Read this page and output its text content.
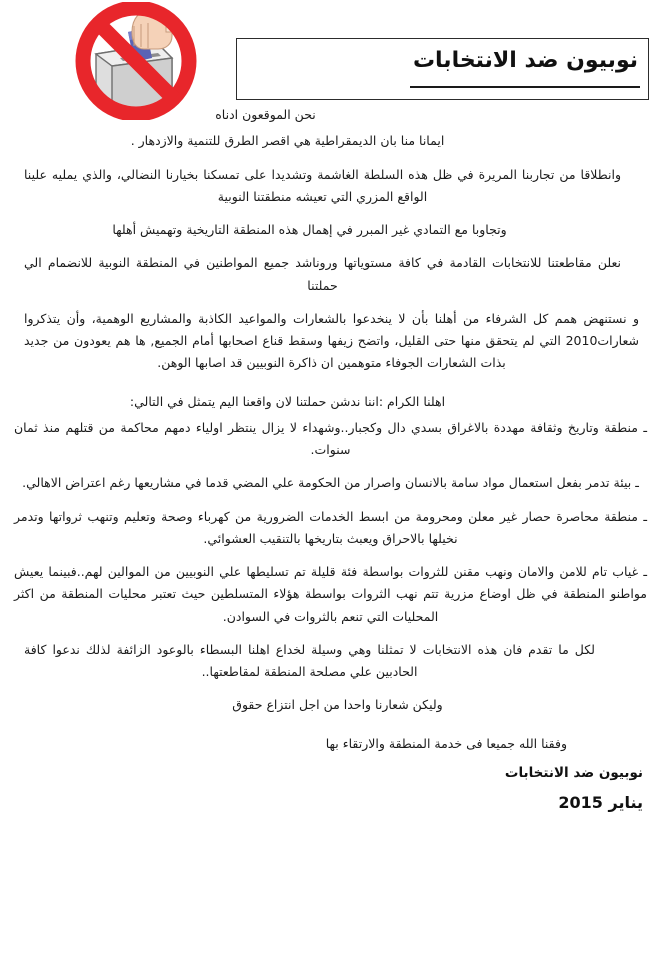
نوبيون ضد الانتخابات

نحن الموقعون ادناه

ايمانا منا بان الديمقراطية هي اقصر الطرق للتنمية والازدهار .

وانطلاقا من تجاربنا المريرة في ظل هذه السلطة الغاشمة وتشديدا على تمسكنا بخيارنا النضالي، والذي يمليه علينا الواقع المزري التي تعيشه منطقتنا النوبية

وتجاوبا مع التمادي غير المبرر في إهمال هذه المنطقة التاريخية وتهميش أهلها

نعلن مقاطعتنا للانتخابات القادمة في كافة مستوياتها وروناشد جميع المواطنين في المنطقة النوبية للانضمام الي حملتنا

و نستنهض همم كل الشرفاء من أهلنا بأن لا ينخدعوا بالشعارات والمواعيد الكاذبة والمشاريع الوهمية، وأن يتذكروا شعارات2010 التي لم يتحقق منها حتى القليل، واتضح زيفها وسقط قناع اصحابها أمام الجميع, ها هم يعودون من جديد بذات الشعارات الجوفاء متوهمين ان ذاكرة النوبيين قد اصابها الوهن.

اهلنا الكرام :اننا ندشن حملتنا لان واقعنا اليم يتمثل في التالي:

ـ منطقة وتاريخ وثقافة مهددة بالاغراق بسدي دال وكجبار..وشهداء لا يزال ينتظر اولياء دمهم محاكمة من قتلهم منذ ثمان سنوات.

ـ بيئة تدمر بفعل استعمال مواد سامة بالانسان واصرار من الحكومة علي المضي قدما في مشاريعها رغم اعتراض الاهالي.

ـ منطقة محاصرة حصار غير معلن ومحرومة من ابسط الخدمات الضرورية من كهرباء وصحة وتعليم وتنهب ثرواتها وتدمر نخيلها بالاحراق ويعبث بتاريخها بالتنقيب العشوائي.

ـ غياب تام للامن والامان ونهب مقنن للثروات بواسطة فئة قليلة تم تسليطها علي النوبيين من الموالين لهم..فبينما يعيش مواطنو المنطقة في ظل اوضاع مزرية تتم نهب الثروات بواسطة هؤلاء المتسلطين حيث تعتبر محليات المنطقة من اكثر المحليات التي تنعم بالثروات في السوادن.

لكل ما تقدم فان هذه الانتخابات لا تمثلنا وهي وسيلة لخداع اهلنا البسطاء بالوعود الزائفة لذلك ندعوا كافة الحادبين علي مصلحة المنطقة لمقاطعتها..

وليكن شعارنا واحدا من اجل انتزاع حقوق

وفقنا الله جميعا فى خدمة المنطقة والارتقاء بها

نوبيون ضد الانتخابات

يناير 2015
